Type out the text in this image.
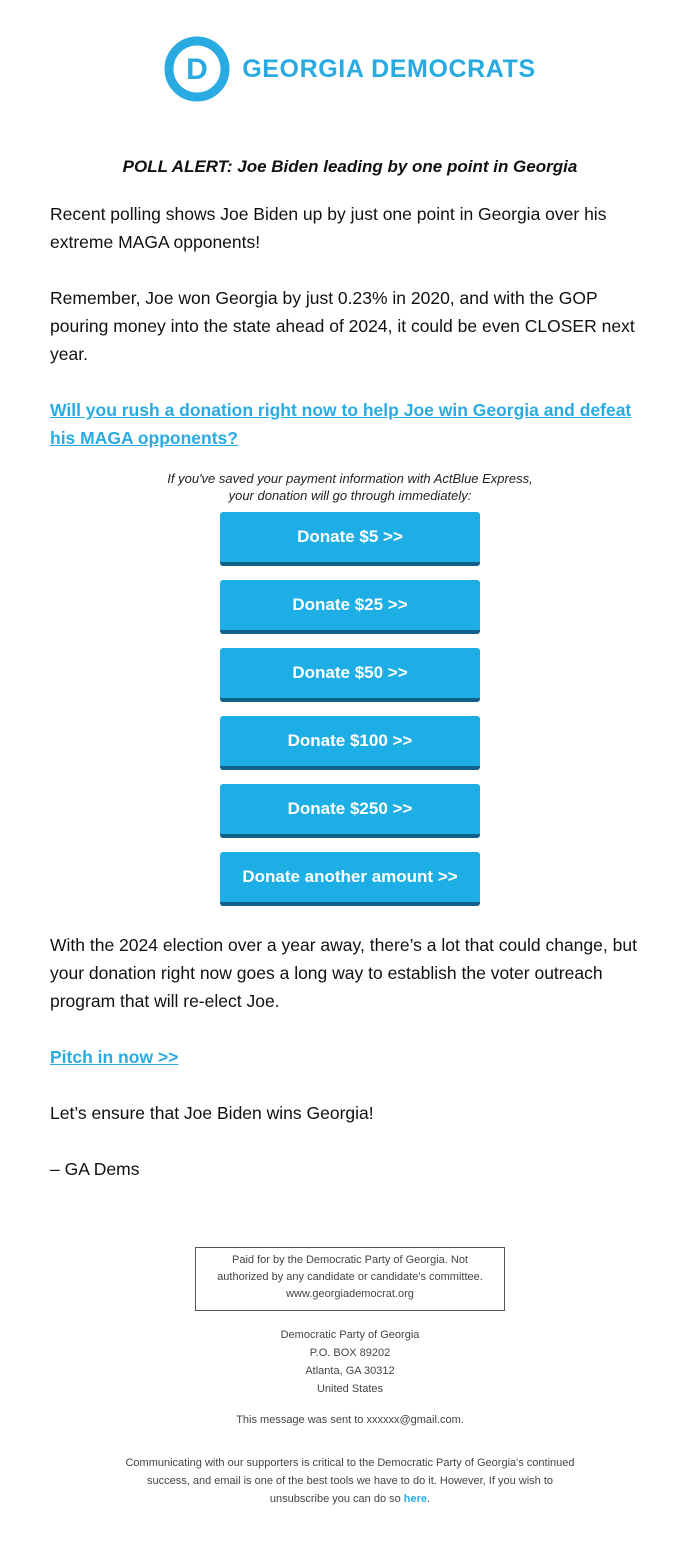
D GEORGIA DEMOCRATS
POLL ALERT: Joe Biden leading by one point in Georgia

Recent polling shows Joe Biden up by just one point in Georgia over his extreme MAGA opponents!

Remember, Joe won Georgia by just 0.23% in 2020, and with the GOP pouring money into the state ahead of 2024, it could be even CLOSER next year.

Will you rush a donation right now to help Joe win Georgia and defeat his MAGA opponents?
If you've saved your payment information with ActBlue Express,
your donation will go through immediately:
Donate $5 >>
Donate $25 >>
Donate $50 >>
Donate $100 >>
Donate $250 >>
Donate another amount >>

With the 2024 election over a year away, there’s a lot that could change, but your donation right now goes a long way to establish the voter outreach program that will re-elect Joe.

Pitch in now >>

Let’s ensure that Joe Biden wins Georgia!

– GA Dems

Paid for by the Democratic Party of Georgia. Not
authorized by any candidate or candidate's committee.
www.georgiademocrat.org
Democratic Party of Georgia
P.O. BOX 89202
Atlanta, GA 30312
United States
This message was sent to xxxxxx@gmail.com.
Communicating with our supporters is critical to the Democratic Party of Georgia's continued
success, and email is one of the best tools we have to do it. However, If you wish to
unsubscribe you can do so here.
